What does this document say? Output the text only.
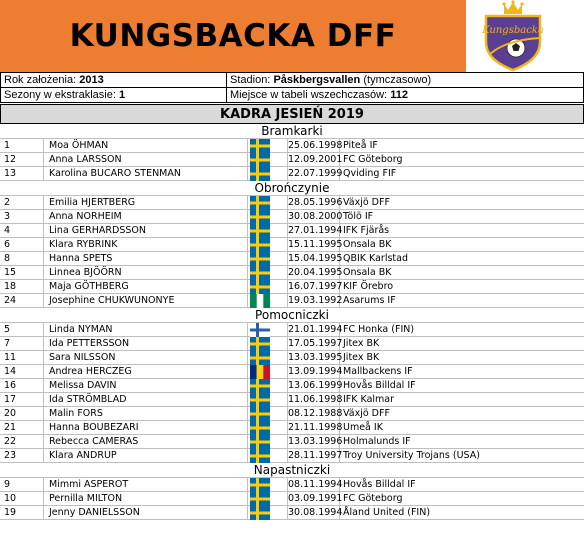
KUNGSBACKA DFF	Kungsbacka
Rok założenia: 2013	Stadion: Påskbergsvallen (tymczasowo)
Sezony w ekstraklasie: 1	Miejsce w tabeli wszechczasów: 112
KADRA JESIEŃ 2019
Bramkarki
1	Moa ÖHMAN	25.06.1998 Piteå IF
12	Anna LARSSON	12.09.2001 FC Göteborg
13	Karolina BUCARO STENMAN	22.07.1999 Qviding FIF
Obrończynie
2	Emilia HJERTBERG	28.05.1996 Växjö DFF
3	Anna NORHEIM	30.08.2000 Tölö IF
4	Lina GERHARDSSON	27.01.1994 IFK Fjärås
6	Klara RYBRINK	15.11.1995 Onsala BK
8	Hanna SPETS	15.04.1995 QBIK Karlstad
15	Linnea BJÖÖRN	20.04.1995 Onsala BK
18	Maja GÖTHBERG	16.07.1997 KIF Örebro
24	Josephine CHUKWUNONYE	19.03.1992 Asarums IF
Pomocniczki
5	Linda NYMAN	21.01.1994 FC Honka (FIN)
7	Ida PETTERSSON	17.05.1997 Jitex BK
11	Sara NILSSON	13.03.1995 Jitex BK
14	Andrea HERCZEG	13.09.1994 Mallbackens IF
16	Melissa DAVIN	13.06.1999 Hovås Billdal IF
17	Ida STRÖMBLAD	11.06.1998 IFK Kalmar
20	Malin FORS	08.12.1988 Växjö DFF
21	Hanna BOUBEZARI	21.11.1998 Umeå IK
22	Rebecca CAMERAS	13.03.1996 Holmalunds IF
23	Klara ANDRUP	28.11.1997 Troy University Trojans (USA)
Napastniczki
9	Mimmi ASPEROT	08.11.1994 Hovås Billdal IF
10	Pernilla MILTON	03.09.1991 FC Göteborg
19	Jenny DANIELSSON	30.08.1994 Åland United (FIN)
